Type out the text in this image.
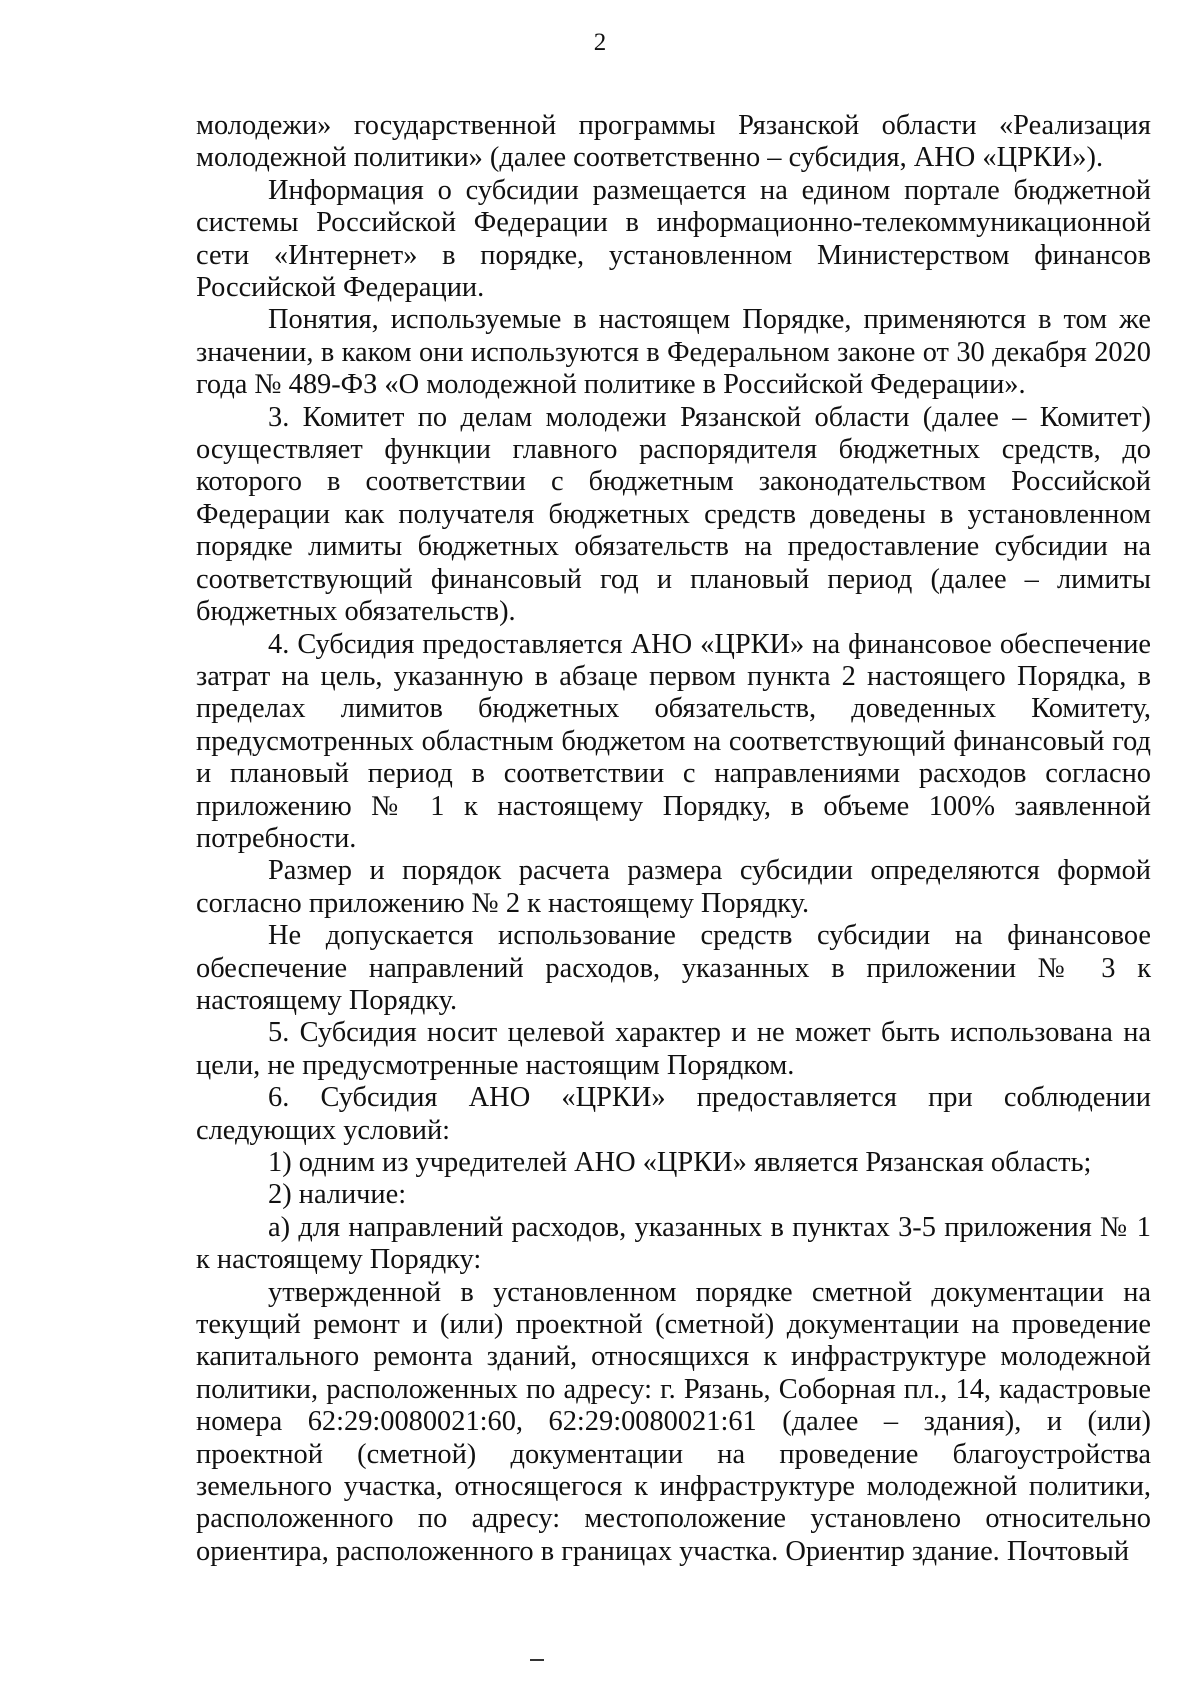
2

молодежи» государственной программы Рязанской области «Реализация молодежной политики» (далее соответственно – субсидия, АНО «ЦРКИ»).

Информация о субсидии размещается на едином портале бюджетной системы Российской Федерации в информационно-телекоммуникационной сети «Интернет» в порядке, установленном Министерством финансов Российской Федерации.

Понятия, используемые в настоящем Порядке, применяются в том же значении, в каком они используются в Федеральном законе от 30 декабря 2020 года № 489-ФЗ «О молодежной политике в Российской Федерации».

3. Комитет по делам молодежи Рязанской области (далее – Комитет) осуществляет функции главного распорядителя бюджетных средств, до которого в соответствии с бюджетным законодательством Российской Федерации как получателя бюджетных средств доведены в установленном порядке лимиты бюджетных обязательств на предоставление субсидии на соответствующий финансовый год и плановый период (далее – лимиты бюджетных обязательств).

4. Субсидия предоставляется АНО «ЦРКИ» на финансовое обеспечение затрат на цель, указанную в абзаце первом пункта 2 настоящего Порядка, в пределах лимитов бюджетных обязательств, доведенных Комитету, предусмотренных областным бюджетом на соответствующий финансовый год и плановый период в соответствии с направлениями расходов согласно приложению № 1 к настоящему Порядку, в объеме 100% заявленной потребности.

Размер и порядок расчета размера субсидии определяются формой согласно приложению № 2 к настоящему Порядку.

Не допускается использование средств субсидии на финансовое обеспечение направлений расходов, указанных в приложении № 3 к настоящему Порядку.

5. Субсидия носит целевой характер и не может быть использована на цели, не предусмотренные настоящим Порядком.

6. Субсидия АНО «ЦРКИ» предоставляется при соблюдении следующих условий:

1) одним из учредителей АНО «ЦРКИ» является Рязанская область;

2) наличие:

а) для направлений расходов, указанных в пунктах 3-5 приложения № 1 к настоящему Порядку:

утвержденной в установленном порядке сметной документации на текущий ремонт и (или) проектной (сметной) документации на проведение капитального ремонта зданий, относящихся к инфраструктуре молодежной политики, расположенных по адресу: г. Рязань, Соборная пл., 14, кадастровые номера 62:29:0080021:60, 62:29:0080021:61 (далее – здания), и (или) проектной (сметной) документации на проведение благоустройства земельного участка, относящегося к инфраструктуре молодежной политики, расположенного по адресу: местоположение установлено относительно ориентира, расположенного в границах участка. Ориентир здание. Почтовый
